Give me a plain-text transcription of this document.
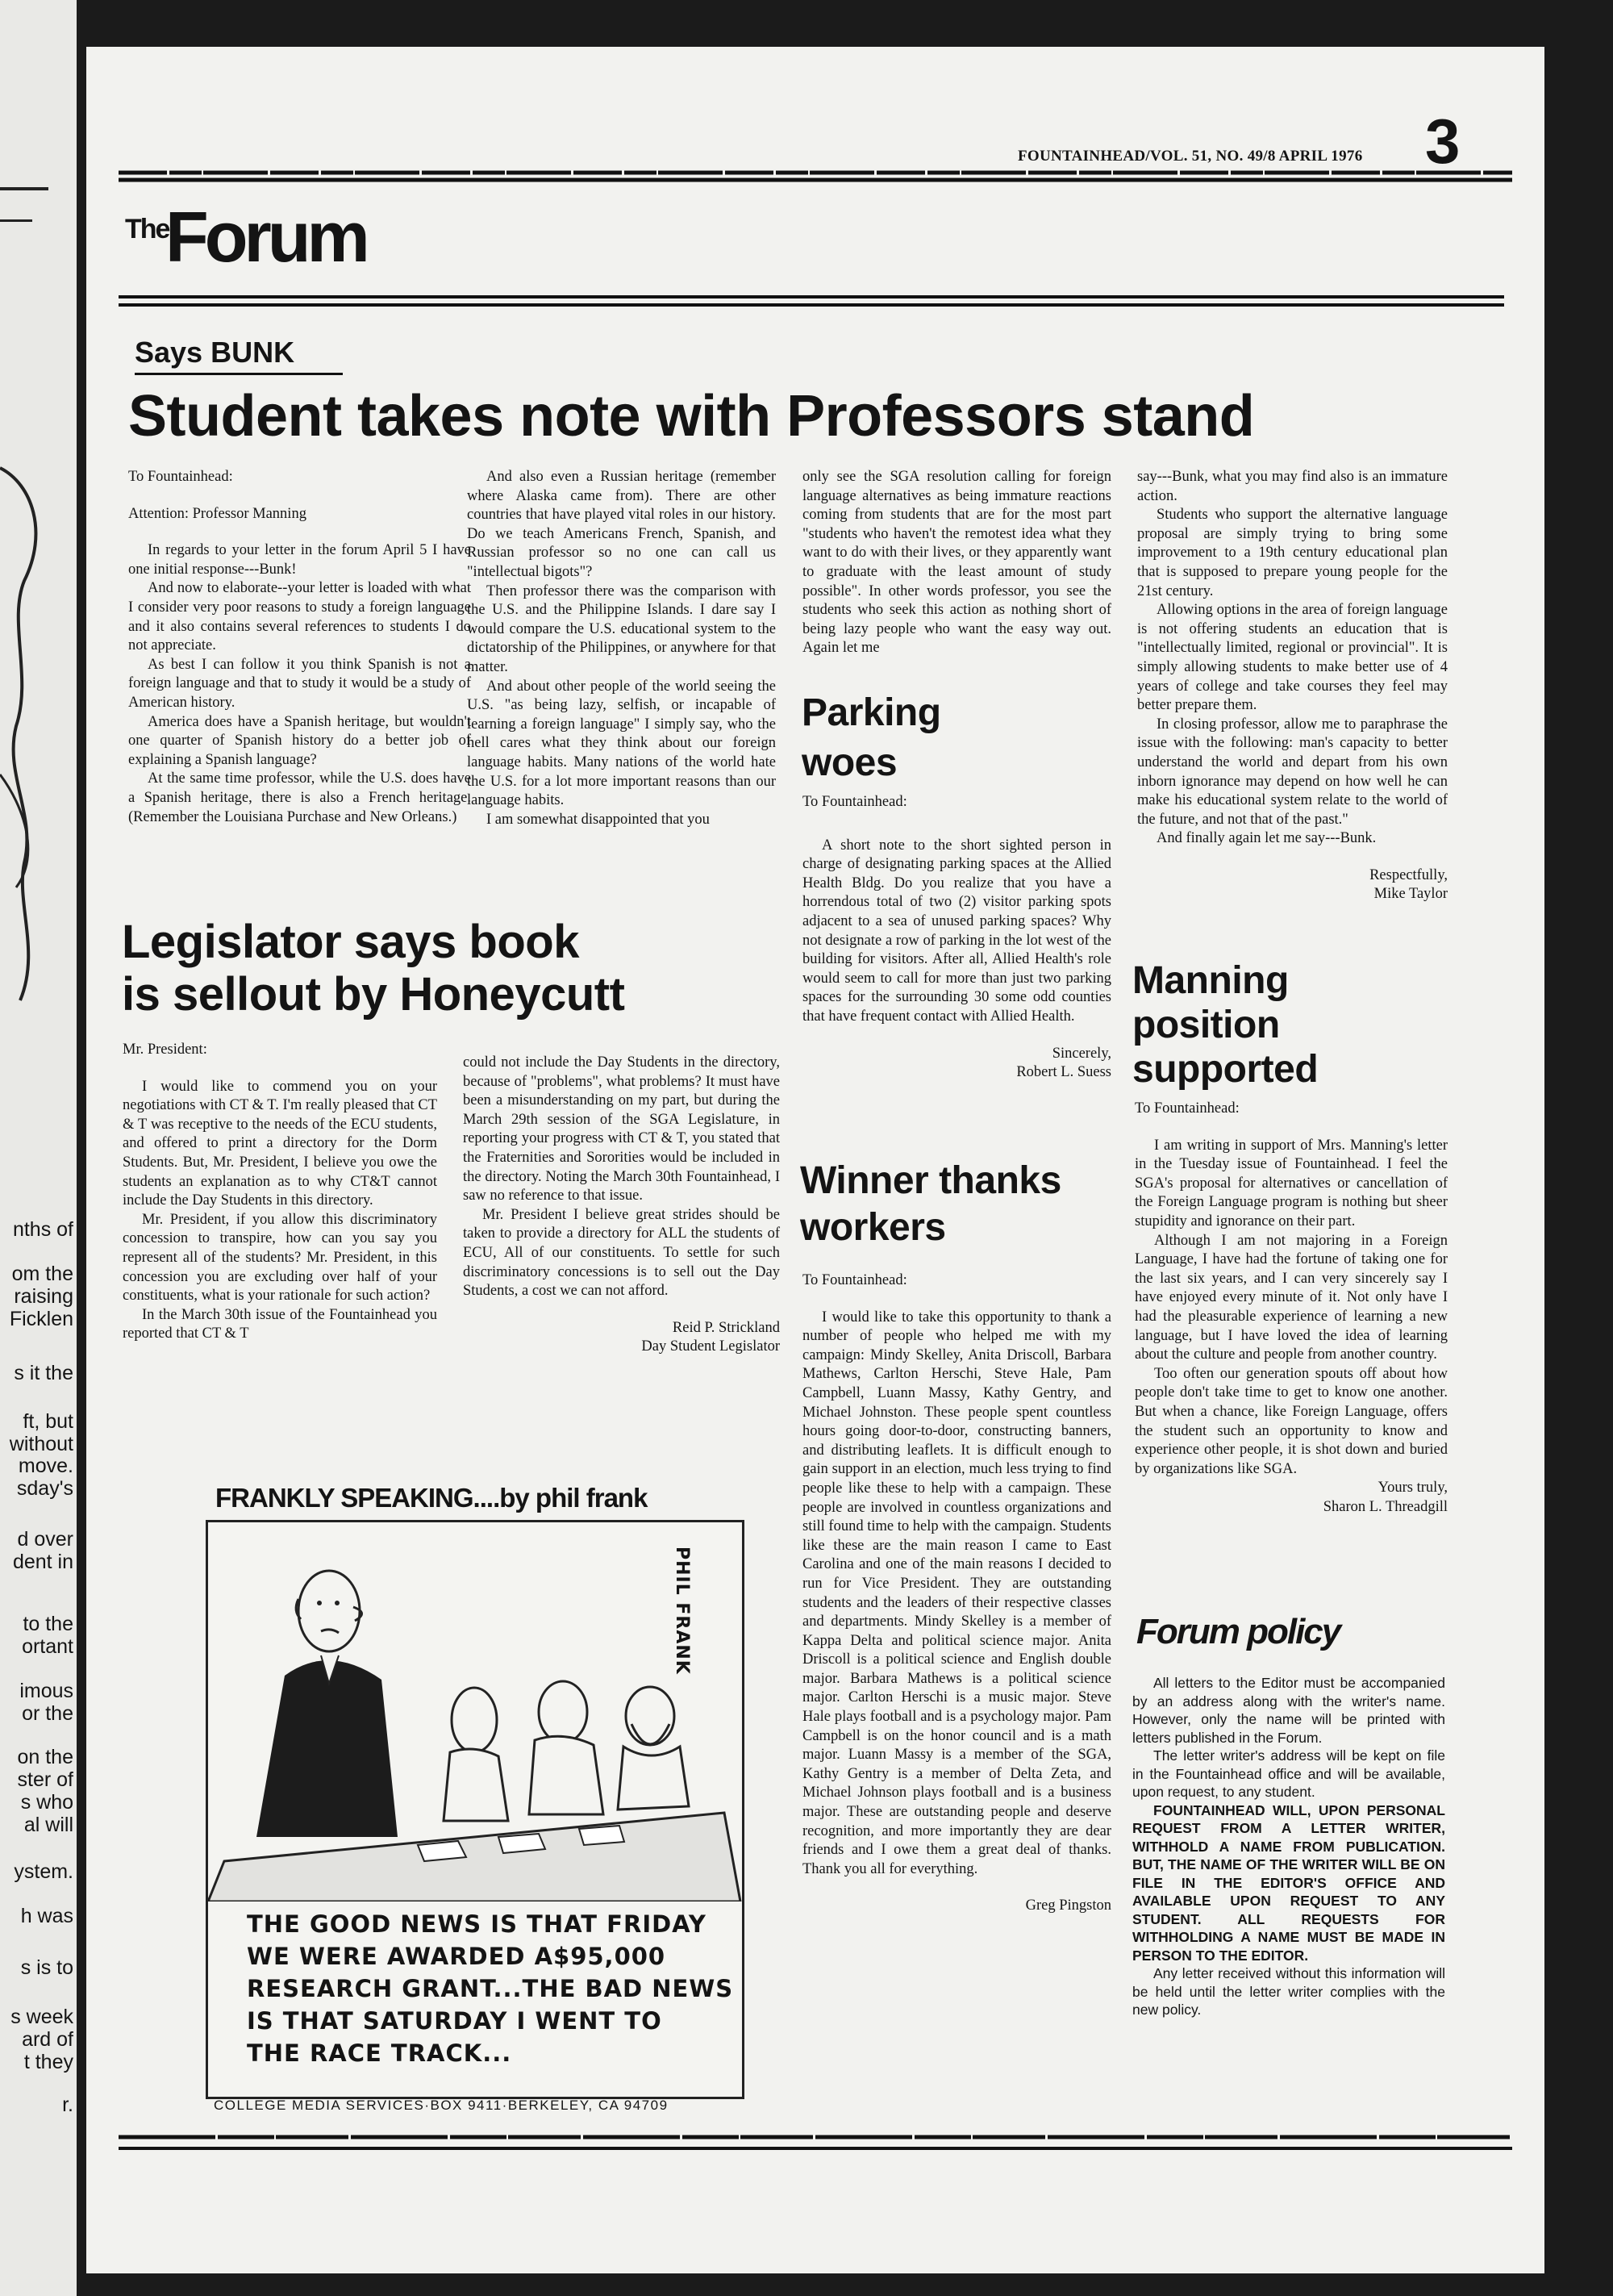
nths of
om the
raising
Ficklen
s it the
ft, but
without
move.
sday's
d over
dent in
to the
ortant
imous
or the
on the
ster of
s who
al will
ystem.
h was
s is to
s week
ard of
t they
r.
FOUNTAINHEAD/VOL. 51, NO. 49/8 APRIL 1976 3
The
Forum
Says BUNK
Student takes note with Professors stand

To Fountainhead:

Attention: Professor Manning

In regards to your letter in the forum April 5 I have one initial response---Bunk!

And now to elaborate--your letter is loaded with what I consider very poor reasons to study a foreign language and it also contains several references to students I do not appreciate.

As best I can follow it you think Spanish is not a foreign language and that to study it would be a study of American history.

America does have a Spanish heritage, but wouldn't one quarter of Spanish history do a better job of explaining a Spanish language?

At the same time professor, while the U.S. does have a Spanish heritage, there is also a French heritage. (Remember the Louisiana Purchase and New Orleans.)

And also even a Russian heritage (remember where Alaska came from). There are other countries that have played vital roles in our history. Do we teach Americans French, Spanish, and Russian professor so no one can call us "intellectual bigots"?

Then professor there was the comparison with the U.S. and the Philippine Islands. I dare say I would compare the U.S. educational system to the dictatorship of the Philippines, or anywhere for that matter.

And about other people of the world seeing the U.S. "as being lazy, selfish, or incapable of learning a foreign language" I simply say, who the hell cares what they think about our foreign language habits. Many nations of the world hate the U.S. for a lot more important reasons than our language habits.

I am somewhat disappointed that you

only see the SGA resolution calling for foreign language alternatives as being immature reactions coming from students that are for the most part "students who haven't the remotest idea what they want to do with their lives, or they apparently want to graduate with the least amount of study possible". In other words professor, you see the students who seek this action as nothing short of being lazy people who want the easy way out. Again let me

say---Bunk, what you may find also is an immature action.

Students who support the alternative language proposal are simply trying to bring some improvement to a 19th century educational plan that is supposed to prepare young people for the 21st century.

Allowing options in the area of foreign language is not offering students an education that is "intellectually limited, regional or provincial". It is simply allowing students to make better use of 4 years of college and take courses they feel may better prepare them.

In closing professor, allow me to paraphrase the issue with the following: man's capacity to better understand the world and depart from his own inborn ignorance may depend on how well he can make his educational system relate to the world of the future, and not that of the past."

And finally again let me say---Bunk.

Respectfully,

Mike Taylor

Legislator says book
is sellout by Honeycutt

Mr. President:

I would like to commend you on your negotiations with CT & T. I'm really pleased that CT & T was receptive to the needs of the ECU students, and offered to print a directory for the Dorm Students. But, Mr. President, I believe you owe the students an explanation as to why CT&T cannot include the Day Students in this directory.

Mr. President, if you allow this discriminatory concession to transpire, how can you say you represent all of the students? Mr. President, in this concession you are excluding over half of your constituents, what is your rationale for such action?

In the March 30th issue of the Fountainhead you reported that CT & T

could not include the Day Students in the directory, because of "problems", what problems? It must have been a misunderstanding on my part, but during the March 29th session of the SGA Legislature, in reporting your progress with CT & T, you stated that the Fraternities and Sororities would be included in the directory. Noting the March 30th Fountainhead, I saw no reference to that issue.

Mr. President I believe great strides should be taken to provide a directory for ALL the students of ECU, All of our constituents. To settle for such discriminatory concessions is to sell out the Day Students, a cost we can not afford.

Reid P. Strickland

Day Student Legislator

FRANKLY SPEAKING....by phil frank
PHIL FRANK
THE GOOD NEWS IS THAT FRIDAY
WE WERE AWARDED A$95,000
RESEARCH GRANT...THE BAD NEWS
IS THAT SATURDAY I WENT TO
THE RACE TRACK...
COLLEGE MEDIA SERVICES·BOX 9411·BERKELEY, CA 94709
Parking
woes

To Fountainhead:

A short note to the short sighted person in charge of designating parking spaces at the Allied Health Bldg. Do you realize that you have a horrendous total of two (2) visitor parking spots adjacent to a sea of unused parking spaces? Why not designate a row of parking in the lot west of the building for visitors. After all, Allied Health's role would seem to call for more than just two parking spaces for the surrounding 30 some odd counties that have frequent contact with Allied Health.

Sincerely,

Robert L. Suess

Winner thanks
workers

To Fountainhead:

I would like to take this opportunity to thank a number of people who helped me with my campaign: Mindy Skelley, Anita Driscoll, Barbara Mathews, Carlton Herschi, Steve Hale, Pam Campbell, Luann Massy, Kathy Gentry, and Michael Johnston. These people spent countless hours going door-to-door, constructing banners, and distributing leaflets. It is difficult enough to gain support in an election, much less trying to find people like these to help with a campaign. These people are involved in countless organizations and still found time to help with the campaign. Students like these are the main reason I came to East Carolina and one of the main reasons I decided to run for Vice President. They are outstanding students and the leaders of their respective classes and departments. Mindy Skelley is a member of Kappa Delta and political science major. Anita Driscoll is a political science and English double major. Barbara Mathews is a political science major. Carlton Herschi is a music major. Steve Hale plays football and is a psychology major. Pam Campbell is on the honor council and is a math major. Luann Massy is a member of the SGA, Kathy Gentry is a member of Delta Zeta, and Michael Johnson plays football and is a business major. These are outstanding people and deserve recognition, and more importantly they are dear friends and I owe them a great deal of thanks. Thank you all for everything.

Greg Pingston

Manning
position
supported

To Fountainhead:

I am writing in support of Mrs. Manning's letter in the Tuesday issue of Fountainhead. I feel the SGA's proposal for alternatives or cancellation of the Foreign Language program is nothing but sheer stupidity and ignorance on their part.

Although I am not majoring in a Foreign Language, I have had the fortune of taking one for the last six years, and I can very sincerely say I have enjoyed every minute of it. Not only have I had the pleasurable experience of learning a new language, but I have loved the idea of learning about the culture and people from another country.

Too often our generation spouts off about how people don't take time to get to know one another. But when a chance, like Foreign Language, offers the student such an opportunity to know and experience other people, it is shot down and buried by organizations like SGA.

Yours truly,

Sharon L. Threadgill

Forum policy

All letters to the Editor must be accompanied by an address along with the writer's name. However, only the name will be printed with letters published in the Forum.

The letter writer's address will be kept on file in the Fountainhead office and will be available, upon request, to any student.

FOUNTAINHEAD WILL, UPON PERSONAL REQUEST FROM A LETTER WRITER, WITHHOLD A NAME FROM PUBLICATION. BUT, THE NAME OF THE WRITER WILL BE ON FILE IN THE EDITOR'S OFFICE AND AVAILABLE UPON REQUEST TO ANY STUDENT. ALL REQUESTS FOR WITHHOLDING A NAME MUST BE MADE IN PERSON TO THE EDITOR.

Any letter received without this information will be held until the letter writer complies with the new policy.
